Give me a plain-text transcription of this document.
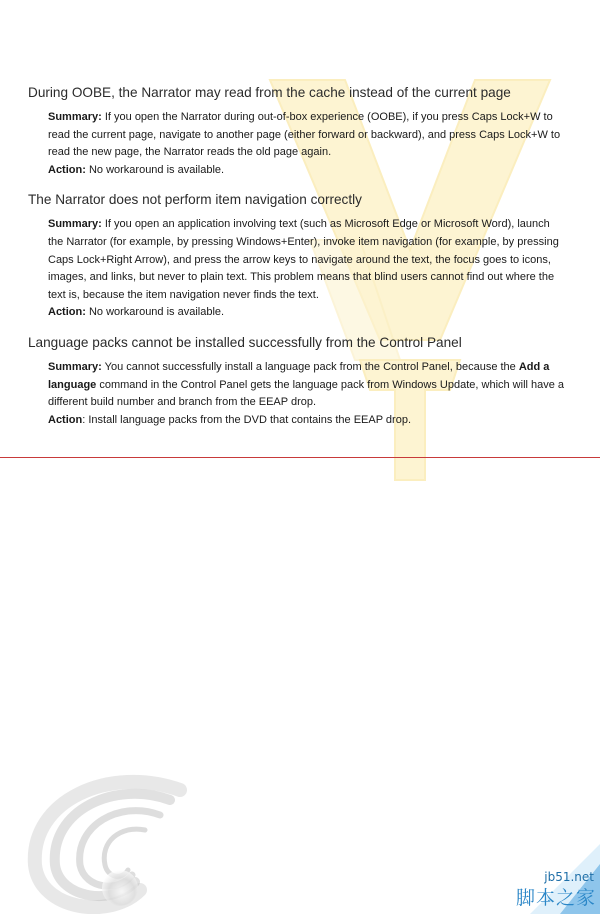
During OOBE, the Narrator may read from the cache instead of the current page

Summary: If you open the Narrator during out-of-box experience (OOBE), if you press Caps Lock+W to read the current page, navigate to another page (either forward or backward), and press Caps Lock+W to read the new page, the Narrator reads the old page again.

Action: No workaround is available.

The Narrator does not perform item navigation correctly

Summary: If you open an application involving text (such as Microsoft Edge or Microsoft Word), launch the Narrator (for example, by pressing Windows+Enter), invoke item navigation (for example, by pressing Caps Lock+Right Arrow), and press the arrow keys to navigate around the text, the focus goes to icons, images, and links, but never to plain text. This problem means that blind users cannot find out where the text is, because the item navigation never finds the text.

Action: No workaround is available.

Language packs cannot be installed successfully from the Control Panel

Summary: You cannot successfully install a language pack from the Control Panel, because the Add a language command in the Control Panel gets the language pack from Windows Update, which will have a different build number and branch from the EEAP drop.

Action: Install language packs from the DVD that contains the EEAP drop.

jb51.net
脚本之家
